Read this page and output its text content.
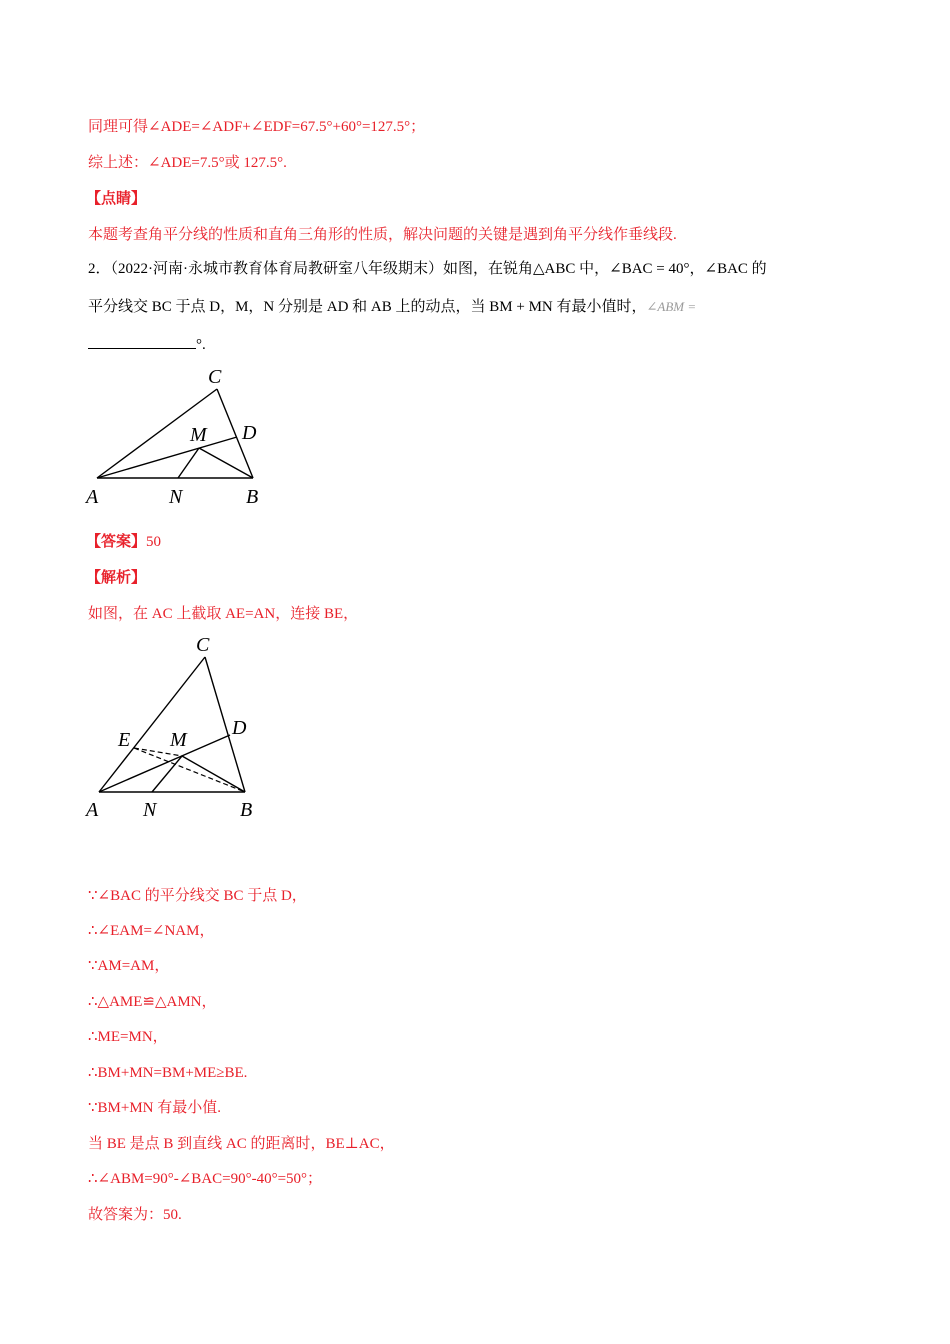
同理可得∠ADE=∠ADF+∠EDF=67.5°+60°=127.5°；
综上述：∠ADE=7.5°或 127.5°.
【点睛】
本题考查角平分线的性质和直角三角形的性质，解决问题的关键是遇到角平分线作垂线段.
2．（2022·河南·永城市教育体育局教研室八年级期末）如图，在锐角△ABC 中，∠BAC = 40°，∠BAC 的
平分线交 BC 于点 D，M，N 分别是 AD 和 AB 上的动点，当 BM + MN 有最小值时，∠ABM =
°.
C
D
M
A	N	B
【答案】50
【解析】
如图，在 AC 上截取 AE=AN，连接 BE，
C
D
E M
A N	B
∵∠BAC 的平分线交 BC 于点 D，
∴∠EAM=∠NAM，
∵AM=AM，
∴△AME≌△AMN，
∴ME=MN，
∴BM+MN=BM+ME≥BE.
∵BM+MN 有最小值.
当 BE 是点 B 到直线 AC 的距离时，BE⊥AC，
∴∠ABM=90°-∠BAC=90°-40°=50°；
故答案为：50.
